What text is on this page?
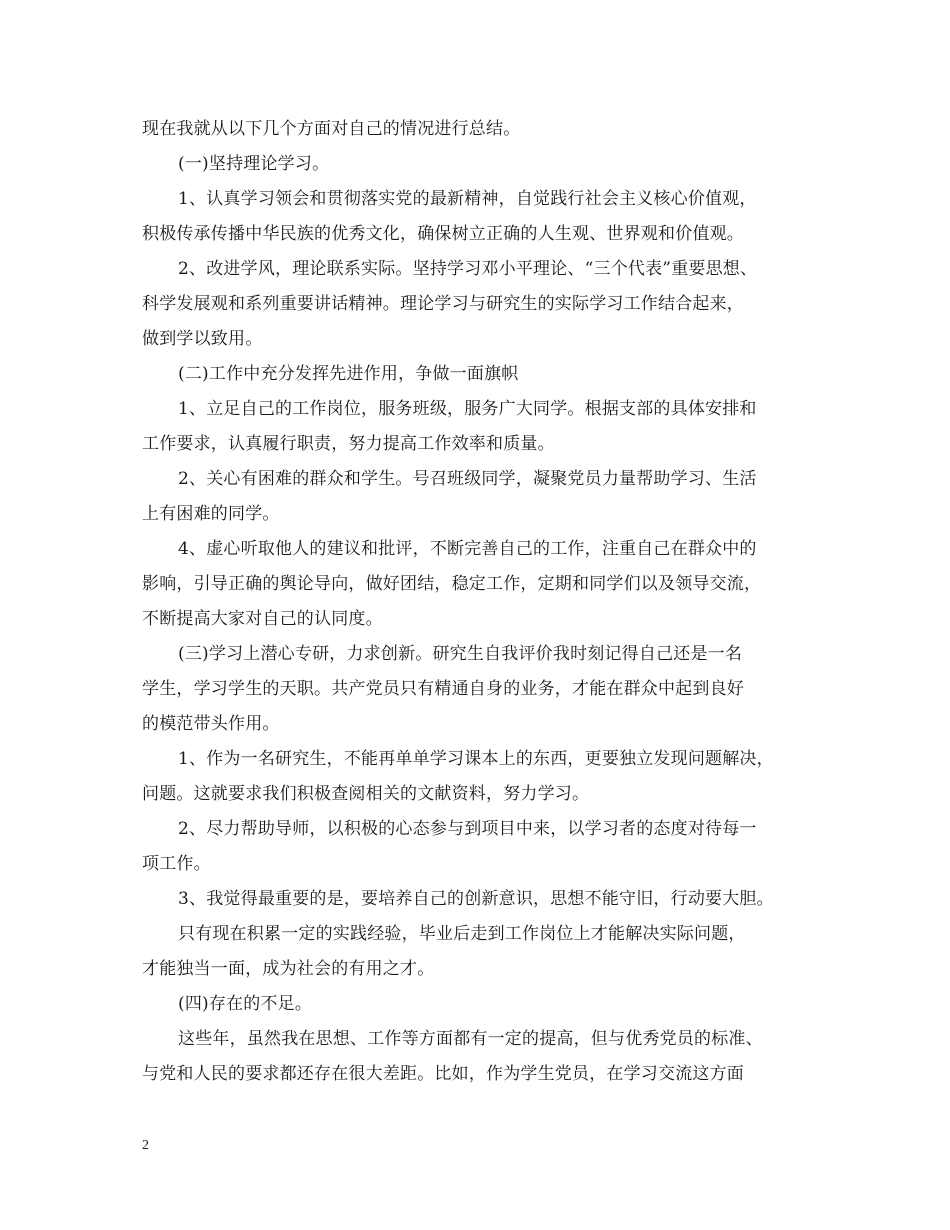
现在我就从以下几个方面对自己的情况进行总结。
(一)坚持理论学习。
1、认真学习领会和贯彻落实党的最新精神，自觉践行社会主义核心价值观，
积极传承传播中华民族的优秀文化，确保树立正确的人生观、世界观和价值观。
2、改进学风，理论联系实际。坚持学习邓小平理论、“三个代表”重要思想、
科学发展观和系列重要讲话精神。理论学习与研究生的实际学习工作结合起来，
做到学以致用。
(二)工作中充分发挥先进作用，争做一面旗帜
1、立足自己的工作岗位，服务班级，服务广大同学。根据支部的具体安排和
工作要求，认真履行职责，努力提高工作效率和质量。
2、关心有困难的群众和学生。号召班级同学，凝聚党员力量帮助学习、生活
上有困难的同学。
4、虚心听取他人的建议和批评，不断完善自己的工作，注重自己在群众中的
影响，引导正确的舆论导向，做好团结，稳定工作，定期和同学们以及领导交流，
不断提高大家对自己的认同度。
(三)学习上潜心专研，力求创新。研究生自我评价我时刻记得自己还是一名
学生，学习学生的天职。共产党员只有精通自身的业务，才能在群众中起到良好
的模范带头作用。
1、作为一名研究生，不能再单单学习课本上的东西，更要独立发现问题解决，
问题。这就要求我们积极查阅相关的文献资料，努力学习。
2、尽力帮助导师，以积极的心态参与到项目中来，以学习者的态度对待每一
项工作。
3、我觉得最重要的是，要培养自己的创新意识，思想不能守旧，行动要大胆。
只有现在积累一定的实践经验，毕业后走到工作岗位上才能解决实际问题，
才能独当一面，成为社会的有用之才。
(四)存在的不足。
这些年，虽然我在思想、工作等方面都有一定的提高，但与优秀党员的标准、
与党和人民的要求都还存在很大差距。比如，作为学生党员，在学习交流这方面
2
